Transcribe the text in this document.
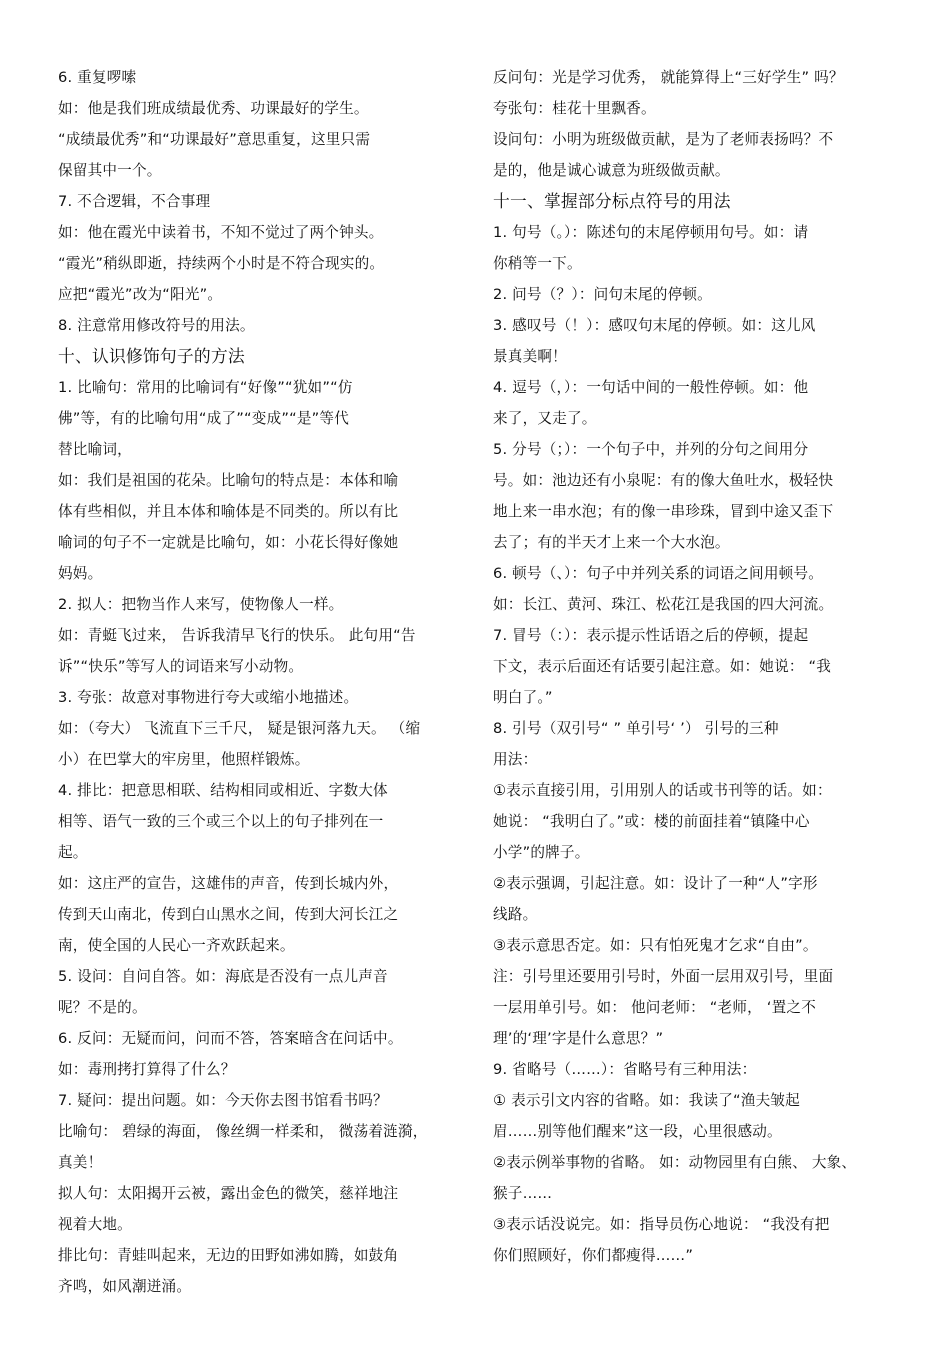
6. 重复啰嗦
如：他是我们班成绩最优秀、功课最好的学生。
“成绩最优秀”和“功课最好”意思重复，这里只需
保留其中一个。
7. 不合逻辑，不合事理
如：他在霞光中读着书，不知不觉过了两个钟头。
“霞光”稍纵即逝，持续两个小时是不符合现实的。
应把“霞光”改为“阳光”。
8. 注意常用修改符号的用法。
十、认识修饰句子的方法
1. 比喻句：常用的比喻词有“好像”“犹如”“仿
佛”等，有的比喻句用“成了”“变成”“是”等代
替比喻词，
如：我们是祖国的花朵。比喻句的特点是：本体和喻
体有些相似，并且本体和喻体是不同类的。所以有比
喻词的句子不一定就是比喻句，如：小花长得好像她
妈妈。
2. 拟人：把物当作人来写，使物像人一样。
如：青蜓飞过来， 告诉我清早飞行的快乐。 此句用“告
诉”“快乐”等写人的词语来写小动物。
3. 夸张：故意对事物进行夸大或缩小地描述。
如：（夸大） 飞流直下三千尺， 疑是银河落九天。 （缩
小）在巴掌大的牢房里，他照样锻炼。
4. 排比：把意思相联、结构相同或相近、字数大体
相等、语气一致的三个或三个以上的句子排列在一
起。
如：这庄严的宣告，这雄伟的声音，传到长城内外，
传到天山南北，传到白山黑水之间，传到大河长江之
南，使全国的人民心一齐欢跃起来。
5. 设问：自问自答。如：海底是否没有一点儿声音
呢？不是的。
6. 反问：无疑而问，问而不答，答案暗含在问话中。
如：毒刑拷打算得了什么？
7. 疑问：提出问题。如：今天你去图书馆看书吗？
比喻句： 碧绿的海面， 像丝绸一样柔和， 微荡着涟漪，
真美！
拟人句：太阳揭开云被，露出金色的微笑，慈祥地注
视着大地。
排比句：青蛙叫起来，无边的田野如沸如腾，如鼓角
齐鸣，如风潮迸涌。
反问句：光是学习优秀， 就能算得上“三好学生” 吗？
夸张句：桂花十里飘香。
设问句：小明为班级做贡献，是为了老师表扬吗？不
是的，他是诚心诚意为班级做贡献。
十一、掌握部分标点符号的用法
1. 句号（。）：陈述句的末尾停顿用句号。如：请
你稍等一下。
2. 问号（？）：问句末尾的停顿。
3. 感叹号（！）：感叹句末尾的停顿。如：这儿风
景真美啊！
4. 逗号（，）：一句话中间的一般性停顿。如：他
来了，又走了。
5. 分号（；）：一个句子中，并列的分句之间用分
号。如：池边还有小泉呢：有的像大鱼吐水，极轻快
地上来一串水泡；有的像一串珍珠，冒到中途又歪下
去了；有的半天才上来一个大水泡。
6. 顿号（、）：句子中并列关系的词语之间用顿号。
如：长江、黄河、珠江、松花江是我国的四大河流。
7. 冒号（：）：表示提示性话语之后的停顿，提起
下文，表示后面还有话要引起注意。如：她说： “我
明白了。”
8. 引号（双引号“ ” 单引号‘ ’） 引号的三种
用法：
①表示直接引用，引用别人的话或书刊等的话。如：
她说： “我明白了。”或：楼的前面挂着“镇隆中心
小学”的牌子。
②表示强调，引起注意。如：设计了一种“人”字形
线路。
③表示意思否定。如：只有怕死鬼才乞求“自由”。
注：引号里还要用引号时，外面一层用双引号，里面
一层用单引号。如： 他问老师： “老师， ‘置之不
理’的‘理’字是什么意思？”
9. 省略号（……）：省略号有三种用法：
① 表示引文内容的省略。如：我读了“渔夫皱起
眉……别等他们醒来”这一段，心里很感动。
②表示例举事物的省略。 如：动物园里有白熊、 大象、
猴子……
③表示话没说完。如：指导员伤心地说： “我没有把
你们照顾好，你们都瘦得……”
